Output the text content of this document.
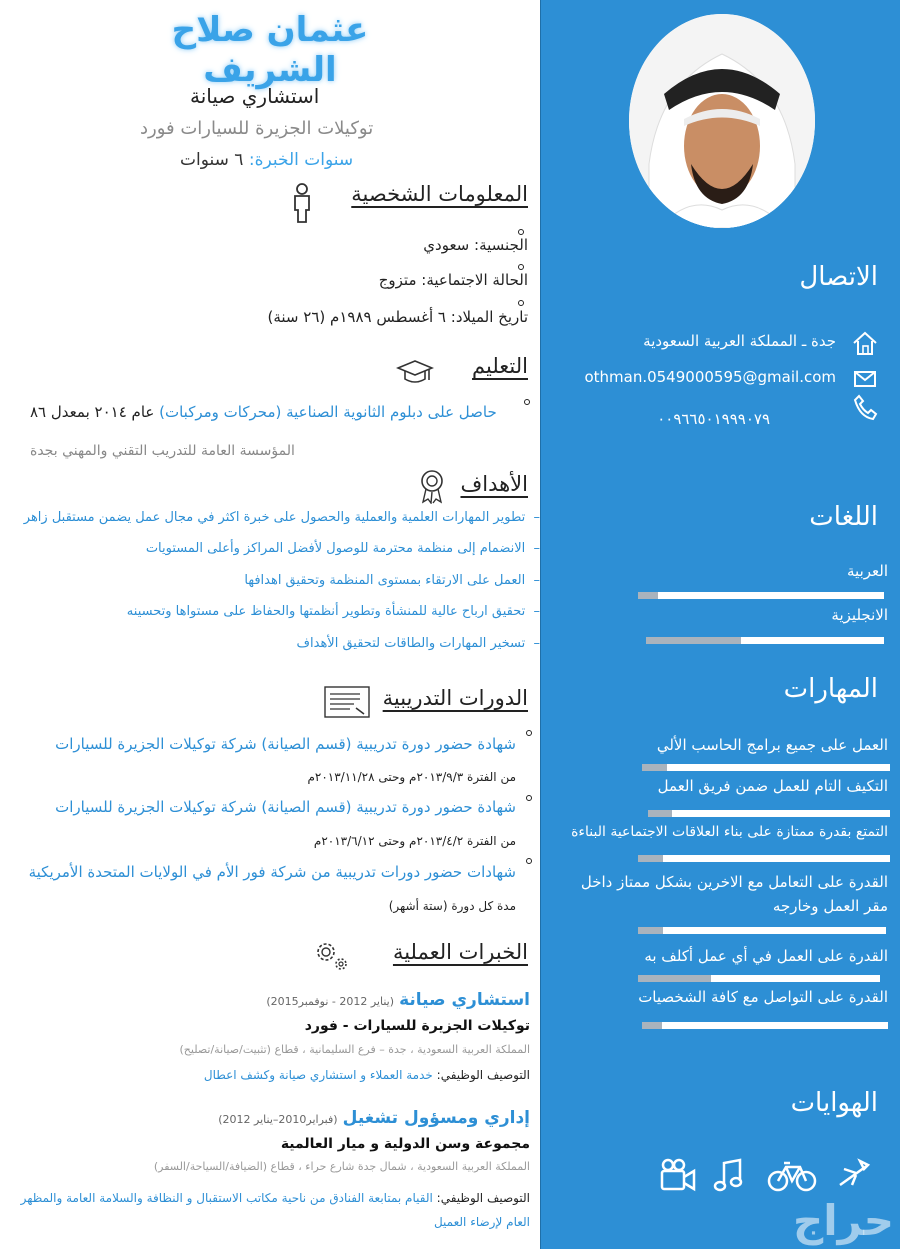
الاتصال
جدة ـ المملكة العربية السعودية
othman.0549000595@gmail.com
٠٠٩٦٦٥٠١٩٩٩٠٧٩
اللغات
العربية
الانجليزية
المهارات
العمل على جميع برامج الحاسب الألي
التكيف التام للعمل ضمن فريق العمل
التمتع بقدرة ممتازة على بناء العلاقات الاجتماعية البناءة
القدرة على التعامل مع الاخرين بشكل ممتاز داخل مقر العمل وخارجه
القدرة على العمل في أي عمل أكلف به
القدرة على التواصل مع كافة الشخصيات
الهوايات
حراج
عثمان صلاح الشريف
استشاري صيانة
توكيلات الجزيرة للسيارات فورد
سنوات الخبرة: ٦ سنوات
المعلومات الشخصية
الجنسية: سعودي
الحالة الاجتماعية: متزوج
تاريخ الميلاد: ٦ أغسطس ١٩٨٩م (٢٦ سنة)
التعليم
حاصل على دبلوم الثانوية الصناعية (محركات ومركبات) عام ٢٠١٤ بمعدل ٨٦
المؤسسة العامة للتدريب التقني والمهني بجدة
الأهداف
–  تطوير المهارات العلمية والعملية والحصول على خبرة اكثر في مجال عمل يضمن مستقبل زاهر
–  الانضمام إلى منظمة محترمة للوصول لأفضل المراكز وأعلى المستويات
–  العمل على الارتقاء بمستوى المنظمة وتحقيق اهدافها
–  تحقيق ارباح عالية للمنشأة وتطوير أنظمتها والحفاظ على مستواها وتحسينه
–  تسخير المهارات والطاقات لتحقيق الأهداف
الدورات التدريبية
شهادة حضور دورة تدريبية (قسم الصيانة) شركة توكيلات الجزيرة للسيارات
من الفترة ٢٠١٣/٩/٣م وحتى ٢٠١٣/١١/٢٨م
شهادة حضور دورة تدريبية (قسم الصيانة) شركة توكيلات الجزيرة للسيارات
من الفترة ٢٠١٣/٤/٢م وحتى ٢٠١٣/٦/١٢م
شهادات حضور دورات تدريبية من شركة فور الأم في الولايات المتحدة الأمريكية
مدة كل دورة (ستة أشهر)
الخبرات العملية
استشاري صيانة (يناير 2012 - نوفمبر2015)
توكيلات الجزيرة للسيارات - فورد
المملكة العربية السعودية ، جدة – فرع السليمانية ، قطاع (تثبيت/صيانة/تصليح)
التوصيف الوظيفي: خدمة العملاء و استشاري صيانة وكشف اعطال
إداري ومسؤول تشغيل (فبراير2010–يناير 2012)
مجموعة وسن الدولية و ميار العالمية
المملكة العربية السعودية ، شمال جدة شارع حراء ، قطاع (الضيافة/السياحة/السفر)
التوصيف الوظيفي: القيام بمتابعة الفنادق من ناحية مكاتب الاستقبال و النظافة والسلامة العامة والمظهر العام لإرضاء العميل
